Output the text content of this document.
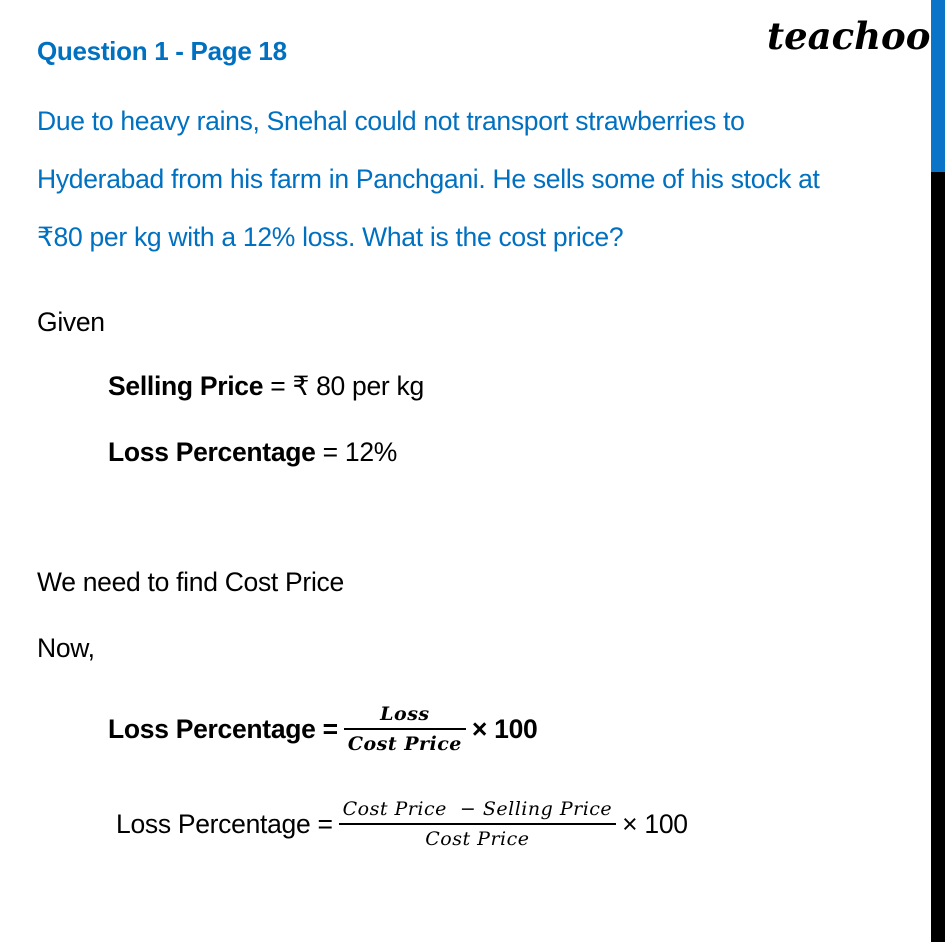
teachoo
Question 1 - Page 18
Due to heavy rains, Snehal could not transport strawberries to
Hyderabad from his farm in Panchgani. He sells some of his stock at
₹80 per kg with a 12% loss. What is the cost price?
Given
Selling Price = ₹ 80 per kg
Loss Percentage = 12%
We need to find Cost Price
Now,
Loss Percentage = $\frac{\text{Loss}}{\text{Cost Price}} \times 100$
Loss Percentage = $\frac{\text{Cost Price  − Selling Price}}{\text{Cost Price}} \times 100$
